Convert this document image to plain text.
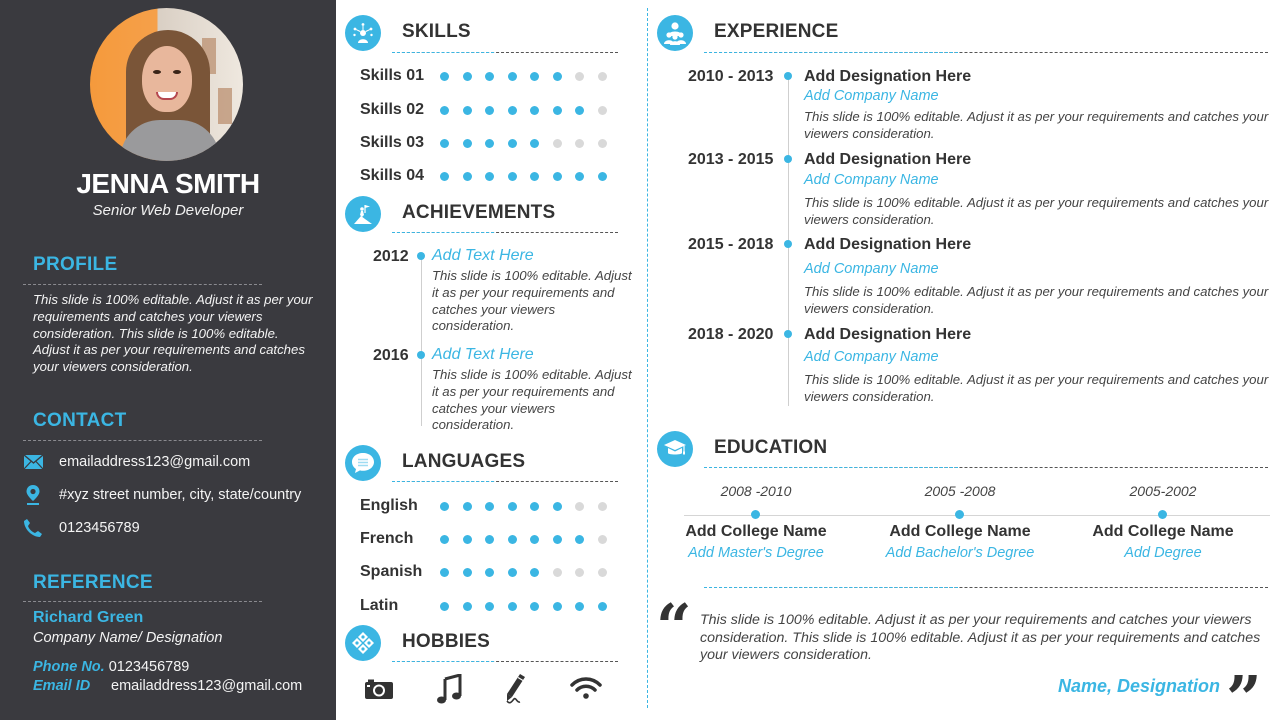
JENNA SMITH
Senior Web Developer
PROFILE
This slide is 100% editable. Adjust it as per your requirements and catches your viewers consideration. This slide is 100% editable. Adjust it as per your requirements and catches your viewers consideration.
CONTACT
emailaddress123@gmail.com
#xyz street number, city, state/country
0123456789
REFERENCE
Richard Green
Company Name/ Designation
Phone No. 0123456789
Email ID emailaddress123@gmail.com
SKILLS
Skills 01
Skills 02
Skills 03
Skills 04
ACHIEVEMENTS
2012 Add Text Here
This slide is 100% editable. Adjust it as per your requirements and catches your viewers consideration.
2016 Add Text Here
This slide is 100% editable. Adjust it as per your requirements and catches your viewers consideration.
LANGUAGES
English
French
Spanish
Latin
HOBBIES
EXPERIENCE
2010 - 2013 Add Designation Here
Add Company Name
This slide is 100% editable. Adjust it as per your requirements and catches your viewers consideration.
2013 - 2015 Add Designation Here
Add Company Name
This slide is 100% editable. Adjust it as per your requirements and catches your viewers consideration.
2015 - 2018 Add Designation Here
Add Company Name
This slide is 100% editable. Adjust it as per your requirements and catches your viewers consideration.
2018 - 2020 Add Designation Here
Add Company Name
This slide is 100% editable. Adjust it as per your requirements and catches your viewers consideration.
EDUCATION
2008 -2010
Add College Name
Add Master's Degree
2005 -2008
Add College Name
Add Bachelor's Degree
2005-2002
Add College Name
Add Degree
“ This slide is 100% editable. Adjust it as per your requirements and catches your viewers consideration. This slide is 100% editable. Adjust it as per your requirements and catches your viewers consideration.
Name, Designation ”
